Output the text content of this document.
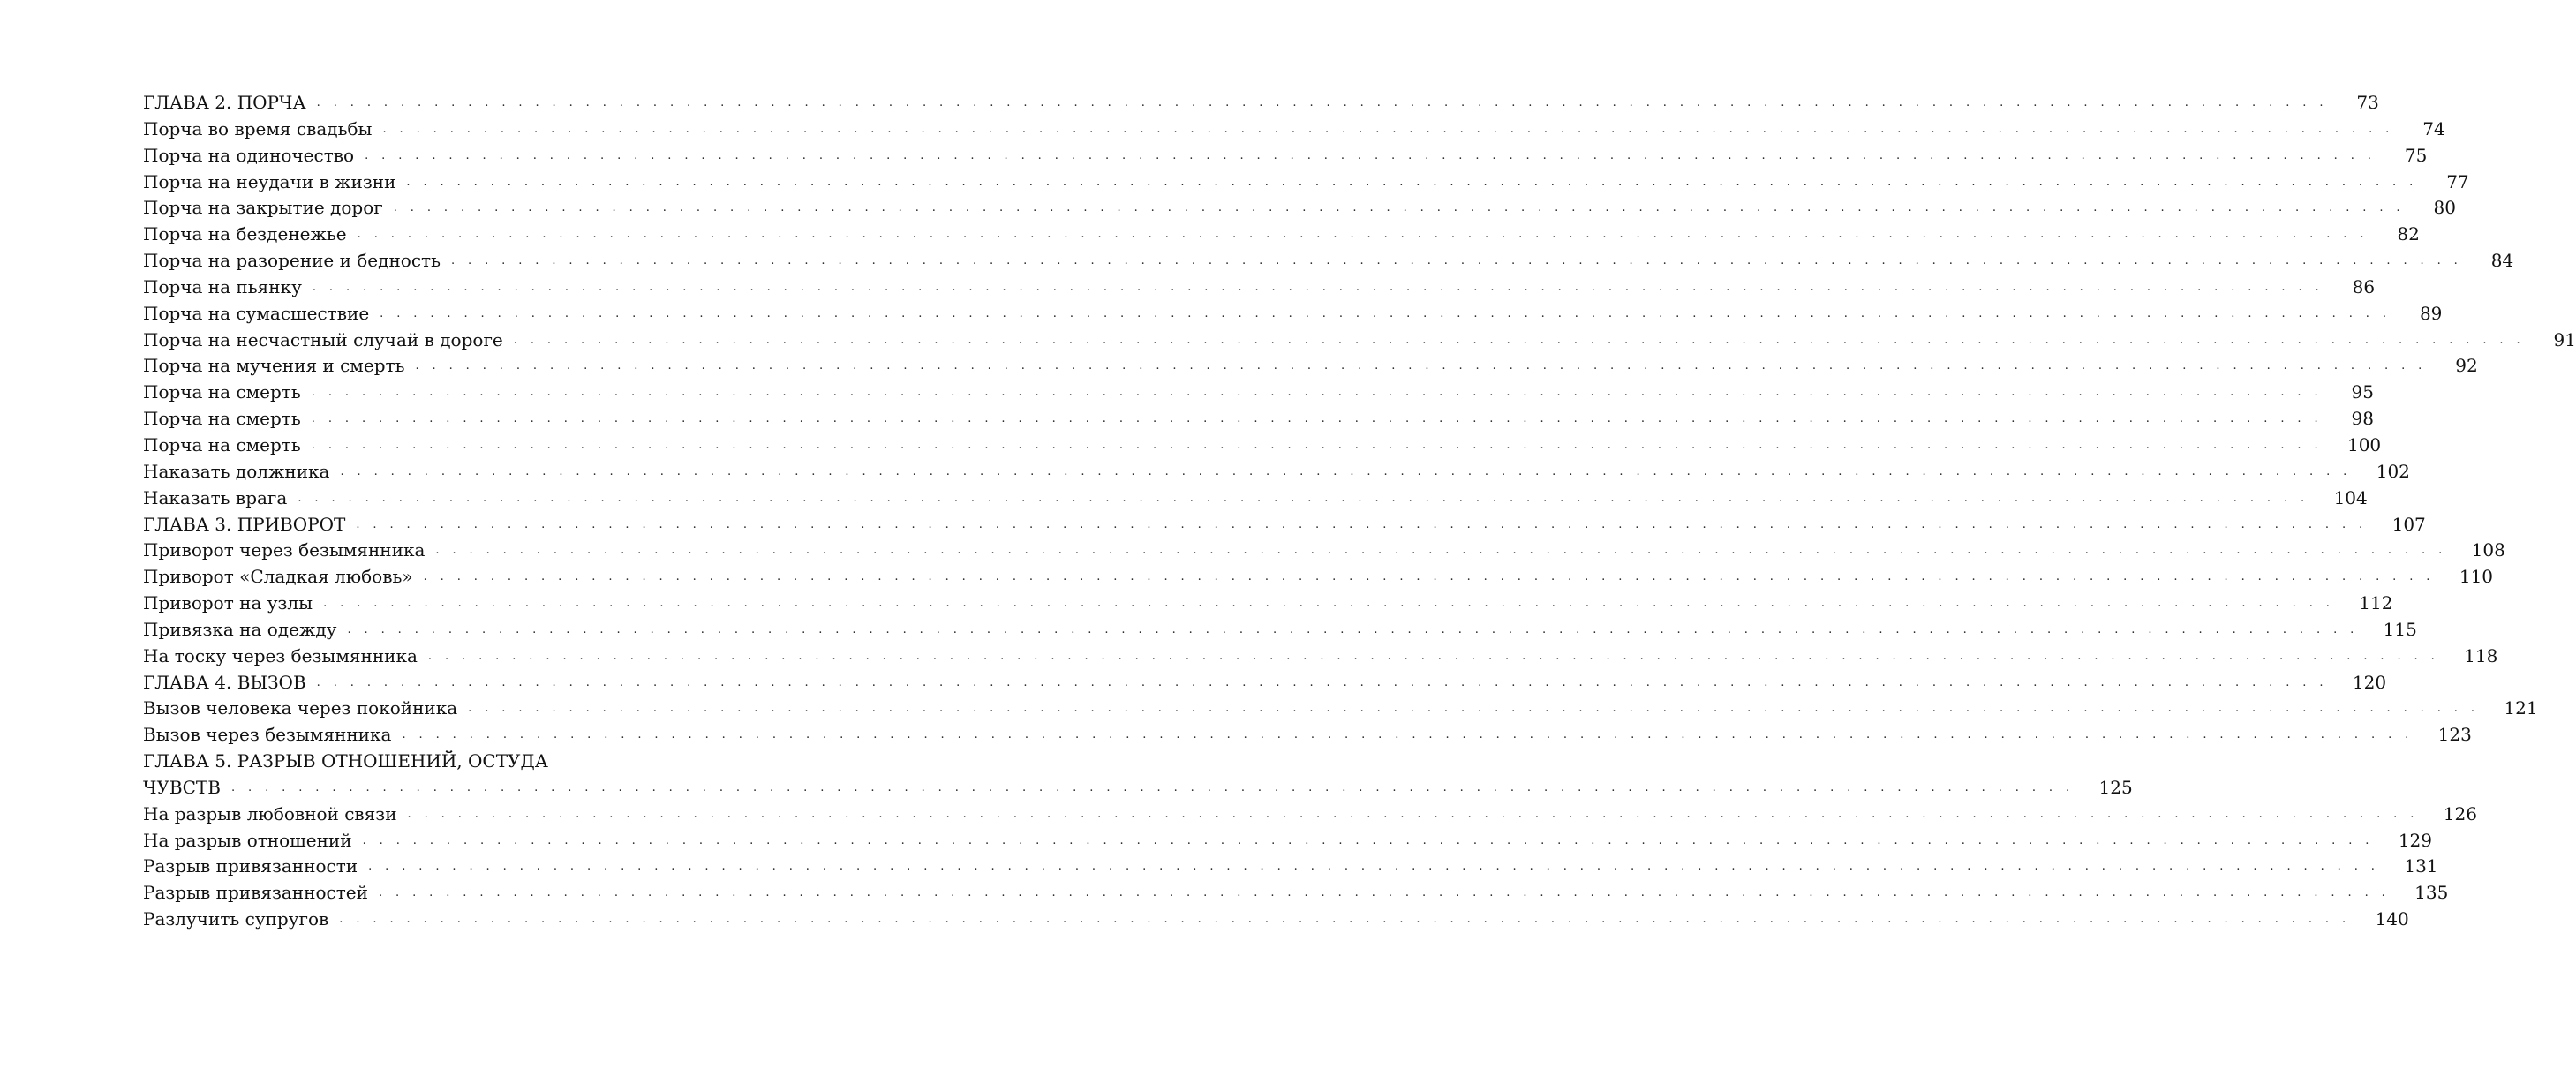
ГЛАВА 2. ПОРЧА . . . . . . . . . . . . . . . . . . . . . . . . . . . . . . . . . . . . . . . . . . . . . . . . . . . . . . . . . . . . . . . . . . . . . . . . . . . . . . . . . . . . . . . . . . . . . . . . . . . . . . . . . . . . . . . . . . . . . . . . 73
Порча во время свадьбы . . . . . . . . . . . . . . . . . . . . . . . . . . . . . . . . . . . . . . . . . . . . . . . . . . . . . . . . . . . . . . . . . . . . . . . . . . . . . . . . . . . . . . . . . . . . . . . . . . . . . . . . . . . . . . . . . . . . . . . . 74
Порча на одиночество . . . . . . . . . . . . . . . . . . . . . . . . . . . . . . . . . . . . . . . . . . . . . . . . . . . . . . . . . . . . . . . . . . . . . . . . . . . . . . . . . . . . . . . . . . . . . . . . . . . . . . . . . . . . . . . . . . . . . . . . 75
Порча на неудачи в жизни . . . . . . . . . . . . . . . . . . . . . . . . . . . . . . . . . . . . . . . . . . . . . . . . . . . . . . . . . . . . . . . . . . . . . . . . . . . . . . . . . . . . . . . . . . . . . . . . . . . . . . . . . . . . . . . . . . . . . . . . 77
Порча на закрытие дорог . . . . . . . . . . . . . . . . . . . . . . . . . . . . . . . . . . . . . . . . . . . . . . . . . . . . . . . . . . . . . . . . . . . . . . . . . . . . . . . . . . . . . . . . . . . . . . . . . . . . . . . . . . . . . . . . . . . . . . . . 80
Порча на безденежье . . . . . . . . . . . . . . . . . . . . . . . . . . . . . . . . . . . . . . . . . . . . . . . . . . . . . . . . . . . . . . . . . . . . . . . . . . . . . . . . . . . . . . . . . . . . . . . . . . . . . . . . . . . . . . . . . . . . . . . . 82
Порча на разорение и бедность . . . . . . . . . . . . . . . . . . . . . . . . . . . . . . . . . . . . . . . . . . . . . . . . . . . . . . . . . . . . . . . . . . . . . . . . . . . . . . . . . . . . . . . . . . . . . . . . . . . . . . . . . . . . . . . . . . . . . . . . 84
Порча на пьянку . . . . . . . . . . . . . . . . . . . . . . . . . . . . . . . . . . . . . . . . . . . . . . . . . . . . . . . . . . . . . . . . . . . . . . . . . . . . . . . . . . . . . . . . . . . . . . . . . . . . . . . . . . . . . . . . . . . . . . . . 86
Порча на сумасшествие . . . . . . . . . . . . . . . . . . . . . . . . . . . . . . . . . . . . . . . . . . . . . . . . . . . . . . . . . . . . . . . . . . . . . . . . . . . . . . . . . . . . . . . . . . . . . . . . . . . . . . . . . . . . . . . . . . . . . . . . 89
Порча на несчастный случай в дороге . . . . . . . . . . . . . . . . . . . . . . . . . . . . . . . . . . . . . . . . . . . . . . . . . . . . . . . . . . . . . . . . . . . . . . . . . . . . . . . . . . . . . . . . . . . . . . . . . . . . . . . . . . . . . . . . . . . . . . . . 91
Порча на мучения и смерть . . . . . . . . . . . . . . . . . . . . . . . . . . . . . . . . . . . . . . . . . . . . . . . . . . . . . . . . . . . . . . . . . . . . . . . . . . . . . . . . . . . . . . . . . . . . . . . . . . . . . . . . . . . . . . . . . . . . . . . . 92
Порча на смерть . . . . . . . . . . . . . . . . . . . . . . . . . . . . . . . . . . . . . . . . . . . . . . . . . . . . . . . . . . . . . . . . . . . . . . . . . . . . . . . . . . . . . . . . . . . . . . . . . . . . . . . . . . . . . . . . . . . . . . . . 95
Порча на смерть . . . . . . . . . . . . . . . . . . . . . . . . . . . . . . . . . . . . . . . . . . . . . . . . . . . . . . . . . . . . . . . . . . . . . . . . . . . . . . . . . . . . . . . . . . . . . . . . . . . . . . . . . . . . . . . . . . . . . . . . 98
Порча на смерть . . . . . . . . . . . . . . . . . . . . . . . . . . . . . . . . . . . . . . . . . . . . . . . . . . . . . . . . . . . . . . . . . . . . . . . . . . . . . . . . . . . . . . . . . . . . . . . . . . . . . . . . . . . . . . . . . . . . . . . . 100
Наказать должника . . . . . . . . . . . . . . . . . . . . . . . . . . . . . . . . . . . . . . . . . . . . . . . . . . . . . . . . . . . . . . . . . . . . . . . . . . . . . . . . . . . . . . . . . . . . . . . . . . . . . . . . . . . . . . . . . . . . . . . . 102
Наказать врага . . . . . . . . . . . . . . . . . . . . . . . . . . . . . . . . . . . . . . . . . . . . . . . . . . . . . . . . . . . . . . . . . . . . . . . . . . . . . . . . . . . . . . . . . . . . . . . . . . . . . . . . . . . . . . . . . . . . . . . . 104
ГЛАВА 3. ПРИВОРОТ . . . . . . . . . . . . . . . . . . . . . . . . . . . . . . . . . . . . . . . . . . . . . . . . . . . . . . . . . . . . . . . . . . . . . . . . . . . . . . . . . . . . . . . . . . . . . . . . . . . . . . . . . . . . . . . . . . . . . . . . 107
Приворот через безымянника . . . . . . . . . . . . . . . . . . . . . . . . . . . . . . . . . . . . . . . . . . . . . . . . . . . . . . . . . . . . . . . . . . . . . . . . . . . . . . . . . . . . . . . . . . . . . . . . . . . . . . . . . . . . . . . . . . . . . . . . 108
Приворот «Сладкая любовь» . . . . . . . . . . . . . . . . . . . . . . . . . . . . . . . . . . . . . . . . . . . . . . . . . . . . . . . . . . . . . . . . . . . . . . . . . . . . . . . . . . . . . . . . . . . . . . . . . . . . . . . . . . . . . . . . . . . . . . . . 110
Приворот на узлы . . . . . . . . . . . . . . . . . . . . . . . . . . . . . . . . . . . . . . . . . . . . . . . . . . . . . . . . . . . . . . . . . . . . . . . . . . . . . . . . . . . . . . . . . . . . . . . . . . . . . . . . . . . . . . . . . . . . . . . . 112
Привязка на одежду . . . . . . . . . . . . . . . . . . . . . . . . . . . . . . . . . . . . . . . . . . . . . . . . . . . . . . . . . . . . . . . . . . . . . . . . . . . . . . . . . . . . . . . . . . . . . . . . . . . . . . . . . . . . . . . . . . . . . . . . 115
На тоску через безымянника . . . . . . . . . . . . . . . . . . . . . . . . . . . . . . . . . . . . . . . . . . . . . . . . . . . . . . . . . . . . . . . . . . . . . . . . . . . . . . . . . . . . . . . . . . . . . . . . . . . . . . . . . . . . . . . . . . . . . . . . 118
ГЛАВА 4. ВЫЗОВ . . . . . . . . . . . . . . . . . . . . . . . . . . . . . . . . . . . . . . . . . . . . . . . . . . . . . . . . . . . . . . . . . . . . . . . . . . . . . . . . . . . . . . . . . . . . . . . . . . . . . . . . . . . . . . . . . . . . . . . . 120
Вызов человека через покойника . . . . . . . . . . . . . . . . . . . . . . . . . . . . . . . . . . . . . . . . . . . . . . . . . . . . . . . . . . . . . . . . . . . . . . . . . . . . . . . . . . . . . . . . . . . . . . . . . . . . . . . . . . . . . . . . . . . . . . . . 121
Вызов через безымянника . . . . . . . . . . . . . . . . . . . . . . . . . . . . . . . . . . . . . . . . . . . . . . . . . . . . . . . . . . . . . . . . . . . . . . . . . . . . . . . . . . . . . . . . . . . . . . . . . . . . . . . . . . . . . . . . . . . . . . . . 123
ГЛАВА 5. РАЗРЫВ ОТНОШЕНИЙ, ОСТУДА
ЧУВСТВ . . . . . . . . . . . . . . . . . . . . . . . . . . . . . . . . . . . . . . . . . . . . . . . . . . . . . . . . . . . . . . . . . . . . . . . . . . . . . . . . . . . . . . . . . . . . . . . . . . . . . . . . . . . . . . 125
На разрыв любовной связи . . . . . . . . . . . . . . . . . . . . . . . . . . . . . . . . . . . . . . . . . . . . . . . . . . . . . . . . . . . . . . . . . . . . . . . . . . . . . . . . . . . . . . . . . . . . . . . . . . . . . . . . . . . . . . . . . . . . . . . . 126
На разрыв отношений . . . . . . . . . . . . . . . . . . . . . . . . . . . . . . . . . . . . . . . . . . . . . . . . . . . . . . . . . . . . . . . . . . . . . . . . . . . . . . . . . . . . . . . . . . . . . . . . . . . . . . . . . . . . . . . . . . . . . . . . 129
Разрыв привязанности . . . . . . . . . . . . . . . . . . . . . . . . . . . . . . . . . . . . . . . . . . . . . . . . . . . . . . . . . . . . . . . . . . . . . . . . . . . . . . . . . . . . . . . . . . . . . . . . . . . . . . . . . . . . . . . . . . . . . . . . 131
Разрыв привязанностей . . . . . . . . . . . . . . . . . . . . . . . . . . . . . . . . . . . . . . . . . . . . . . . . . . . . . . . . . . . . . . . . . . . . . . . . . . . . . . . . . . . . . . . . . . . . . . . . . . . . . . . . . . . . . . . . . . . . . . . . 135
Разлучить супругов . . . . . . . . . . . . . . . . . . . . . . . . . . . . . . . . . . . . . . . . . . . . . . . . . . . . . . . . . . . . . . . . . . . . . . . . . . . . . . . . . . . . . . . . . . . . . . . . . . . . . . . . . . . . . . . . . . . . . . . . 140
